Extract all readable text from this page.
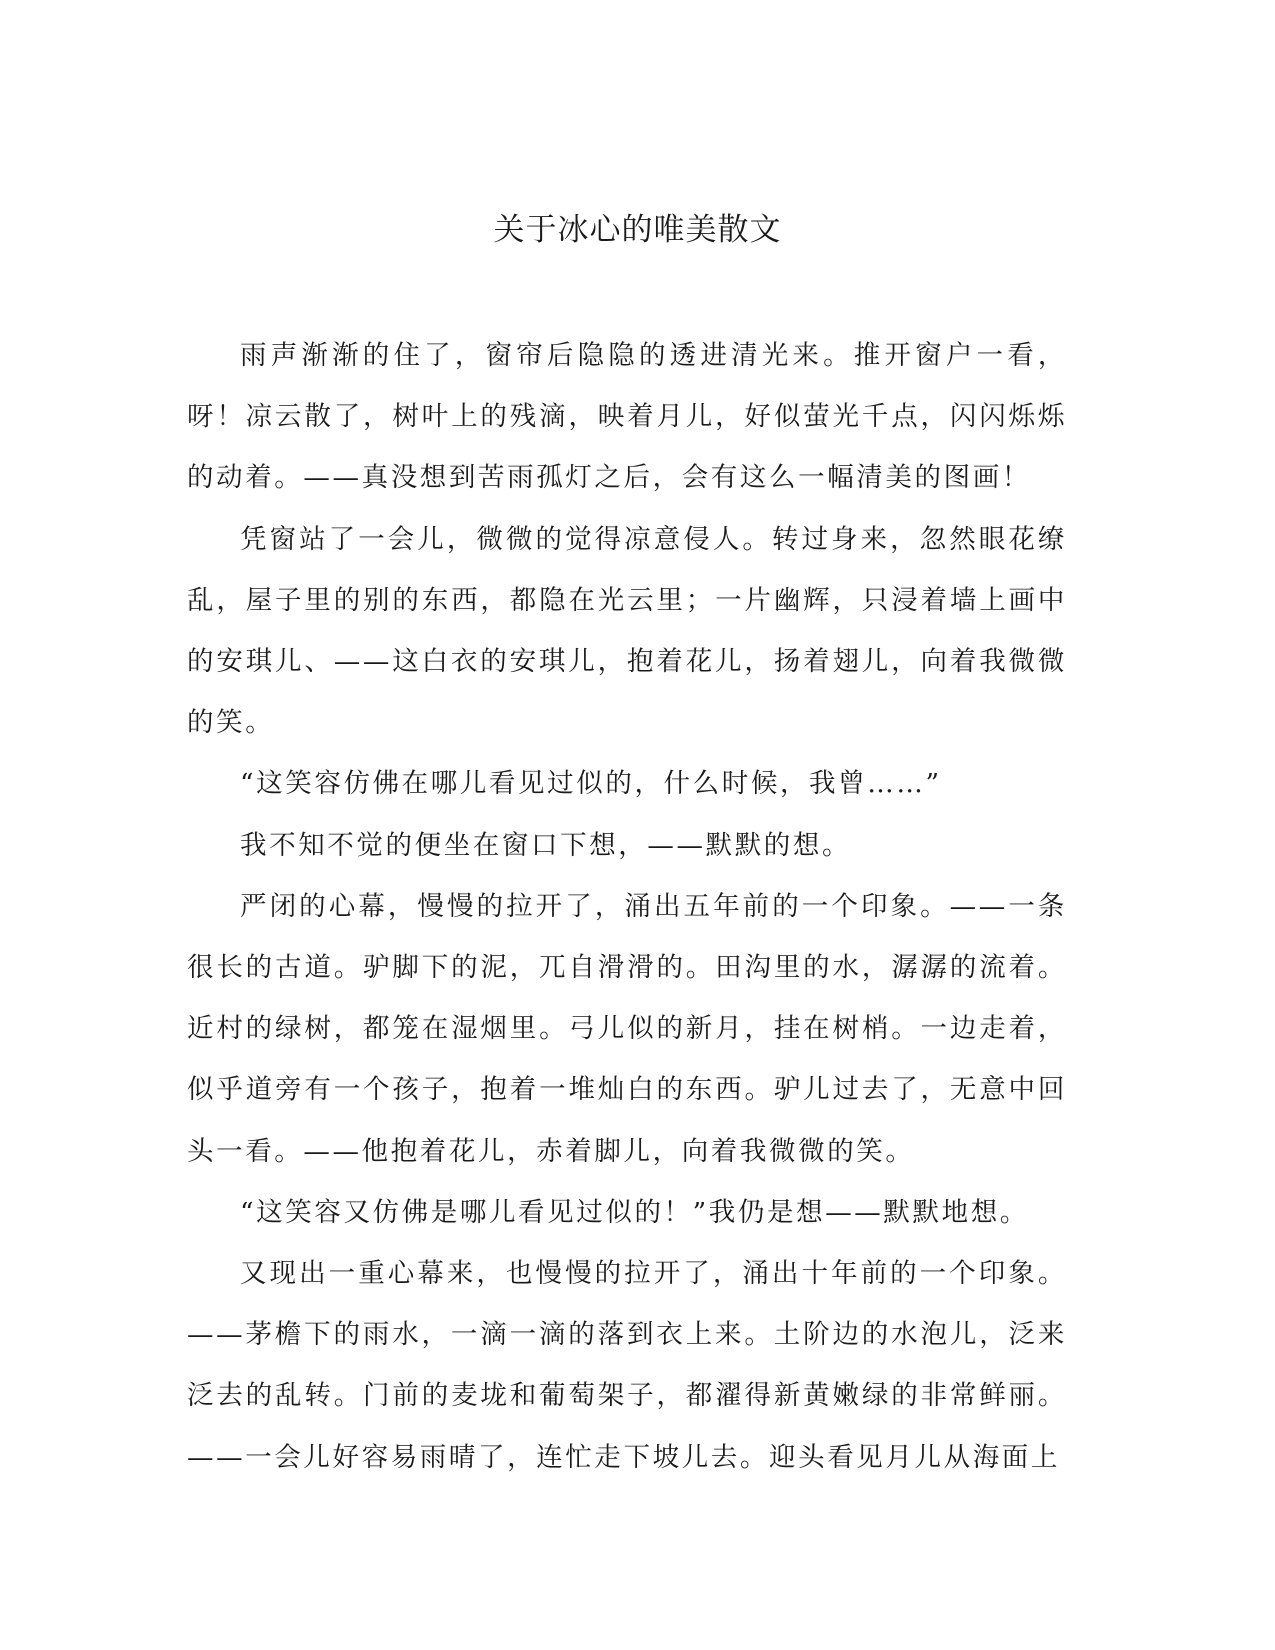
关于冰心的唯美散文

雨声渐渐的住了，窗帘后隐隐的透进清光来。推开窗户一看，呀！凉云散了，树叶上的残滴，映着月儿，好似萤光千点，闪闪烁烁的动着。——真没想到苦雨孤灯之后，会有这么一幅清美的图画！

凭窗站了一会儿，微微的觉得凉意侵人。转过身来，忽然眼花缭乱，屋子里的别的东西，都隐在光云里；一片幽辉，只浸着墙上画中的安琪儿、——这白衣的安琪儿，抱着花儿，扬着翅儿，向着我微微的笑。

“这笑容仿佛在哪儿看见过似的，什么时候，我曾……”

我不知不觉的便坐在窗口下想，——默默的想。

严闭的心幕，慢慢的拉开了，涌出五年前的一个印象。——一条很长的古道。驴脚下的泥，兀自滑滑的。田沟里的水，潺潺的流着。近村的绿树，都笼在湿烟里。弓儿似的新月，挂在树梢。一边走着，似乎道旁有一个孩子，抱着一堆灿白的东西。驴儿过去了，无意中回头一看。——他抱着花儿，赤着脚儿，向着我微微的笑。

“这笑容又仿佛是哪儿看见过似的！”我仍是想——默默地想。

又现出一重心幕来，也慢慢的拉开了，涌出十年前的一个印象。——茅檐下的雨水，一滴一滴的落到衣上来。土阶边的水泡儿，泛来泛去的乱转。门前的麦垅和葡萄架子，都濯得新黄嫩绿的非常鲜丽。——一会儿好容易雨晴了，连忙走下坡儿去。迎头看见月儿从海面上
